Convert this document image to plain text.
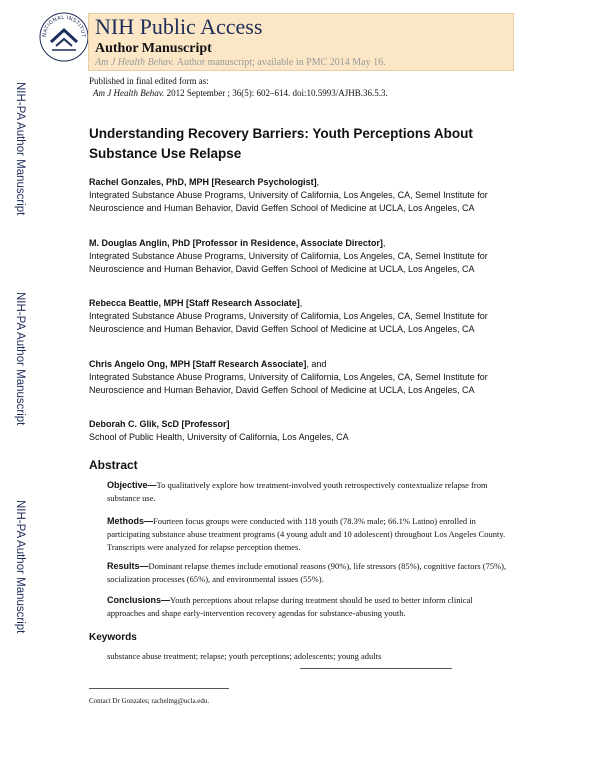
NATIONAL INSTITUT NIH Public Access
Author Manuscript
Am J Health Behav. Author manuscript; available in PMC 2014 May 16.
Published in final edited form as:
Am J Health Behav. 2012 September ; 36(5): 602–614. doi:10.5993/AJHB.36.5.3.
NIH-PA Author Manuscript
NIH-PA Author Manuscript
NIH-PA Author Manuscript
Understanding Recovery Barriers: Youth Perceptions About Substance Use Relapse
Rachel Gonzales, PhD, MPH [Research Psychologist],
Integrated Substance Abuse Programs, University of California, Los Angeles, CA, Semel Institute for Neuroscience and Human Behavior, David Geffen School of Medicine at UCLA, Los Angeles, CA
M. Douglas Anglin, PhD [Professor in Residence, Associate Director],
Integrated Substance Abuse Programs, University of California, Los Angeles, CA, Semel Institute for Neuroscience and Human Behavior, David Geffen School of Medicine at UCLA, Los Angeles, CA
Rebecca Beattie, MPH [Staff Research Associate],
Integrated Substance Abuse Programs, University of California, Los Angeles, CA, Semel Institute for Neuroscience and Human Behavior, David Geffen School of Medicine at UCLA, Los Angeles, CA
Chris Angelo Ong, MPH [Staff Research Associate], and
Integrated Substance Abuse Programs, University of California, Los Angeles, CA, Semel Institute for Neuroscience and Human Behavior, David Geffen School of Medicine at UCLA, Los Angeles, CA
Deborah C. Glik, ScD [Professor]
School of Public Health, University of California, Los Angeles, CA
Abstract
Objective—To qualitatively explore how treatment-involved youth retrospectively contextualize relapse from substance use.
Methods—Fourteen focus groups were conducted with 118 youth (78.3% male; 66.1% Latino) enrolled in participating substance abuse treatment programs (4 young adult and 10 adolescent) throughout Los Angeles County. Transcripts were analyzed for relapse perception themes.
Results—Dominant relapse themes include emotional reasons (90%), life stressors (85%), cognitive factors (75%), socialization processes (65%), and environmental issues (55%).
Conclusions—Youth perceptions about relapse during treatment should be used to better inform clinical approaches and shape early-intervention recovery agendas for substance-abusing youth.
Keywords
substance abuse treatment; relapse; youth perceptions; adolescents; young adults
Contact Dr Gonzales; rachelmg@ucla.edu.
